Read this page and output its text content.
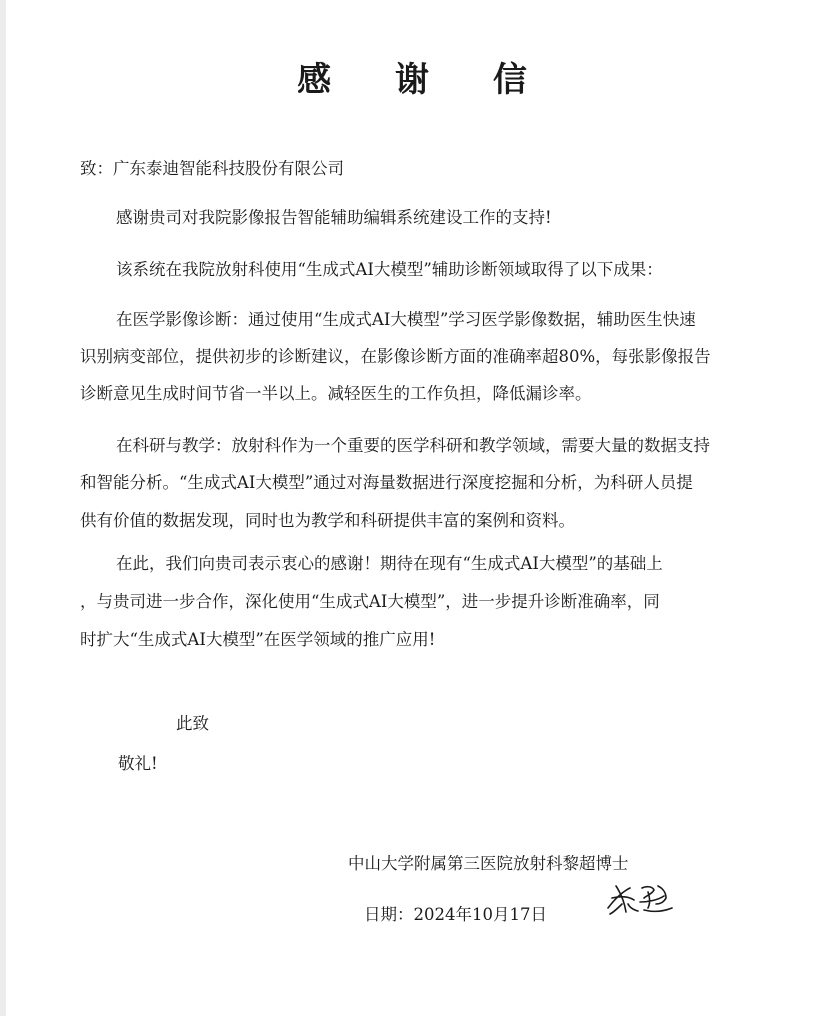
感 谢 信
致：广东泰迪智能科技股份有限公司
感谢贵司对我院影像报告智能辅助编辑系统建设工作的支持!
该系统在我院放射科使用“生成式AI大模型”辅助诊断领域取得了以下成果：
在医学影像诊断：通过使用“生成式AI大模型”学习医学影像数据，辅助医生快速
识别病变部位，提供初步的诊断建议，在影像诊断方面的准确率超80%，每张影像报告
诊断意见生成时间节省一半以上。减轻医生的工作负担，降低漏诊率。
在科研与教学：放射科作为一个重要的医学科研和教学领域，需要大量的数据支持
和智能分析。“生成式AI大模型”通过对海量数据进行深度挖掘和分析，为科研人员提
供有价值的数据发现，同时也为教学和科研提供丰富的案例和资料。
在此，我们向贵司表示衷心的感谢！期待在现有“生成式AI大模型”的基础上
，与贵司进一步合作，深化使用“生成式AI大模型”，进一步提升诊断准确率，同
时扩大“生成式AI大模型”在医学领域的推广应用!
此致
敬礼!
中山大学附属第三医院放射科黎超博士
日期：2024年10月17日
